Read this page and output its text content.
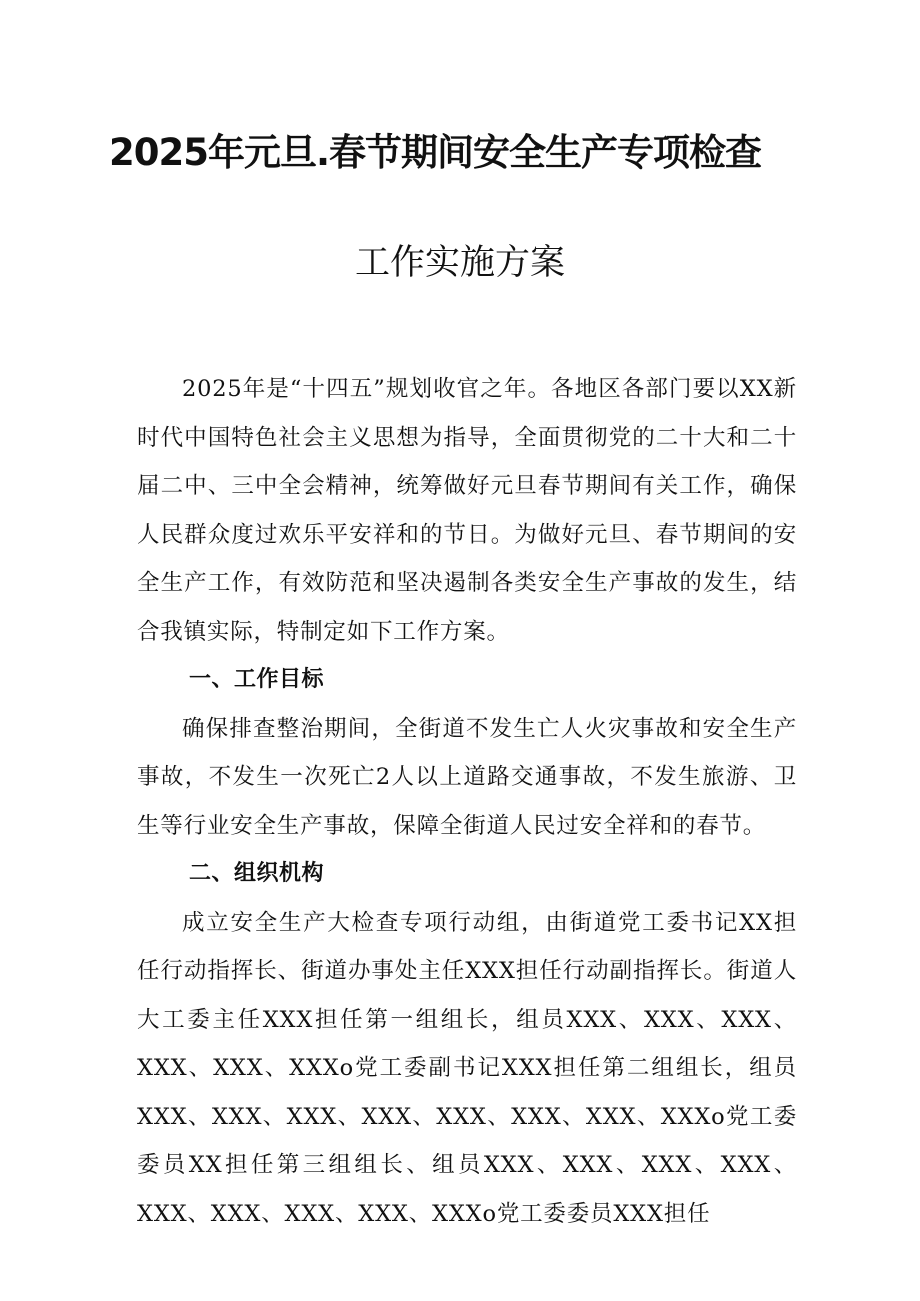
2025年元旦.春节期间安全生产专项检查
工作实施方案

2025年是“十四五”规划收官之年。各地区各部门要以XX新时代中国特色社会主义思想为指导，全面贯彻党的二十大和二十届二中、三中全会精神，统筹做好元旦春节期间有关工作，确保人民群众度过欢乐平安祥和的节日。为做好元旦、春节期间的安全生产工作，有效防范和坚决遏制各类安全生产事故的发生，结合我镇实际，特制定如下工作方案。

一、工作目标

确保排查整治期间，全街道不发生亡人火灾事故和安全生产事故，不发生一次死亡2人以上道路交通事故，不发生旅游、卫生等行业安全生产事故，保障全街道人民过安全祥和的春节。

二、组织机构

成立安全生产大检查专项行动组，由街道党工委书记XX担任行动指挥长、街道办事处主任XXX担任行动副指挥长。街道人大工委主任XXX担任第一组组长，组员XXX、XXX、XXX、XXX、XXX、XXXo党工委副书记XXX担任第二组组长，组员XXX、XXX、XXX、XXX、XXX、XXX、XXX、XXXo党工委委员XX担任第三组组长、组员XXX、XXX、XXX、XXX、XXX、XXX、XXX、XXX、XXXo党工委委员XXX担任
